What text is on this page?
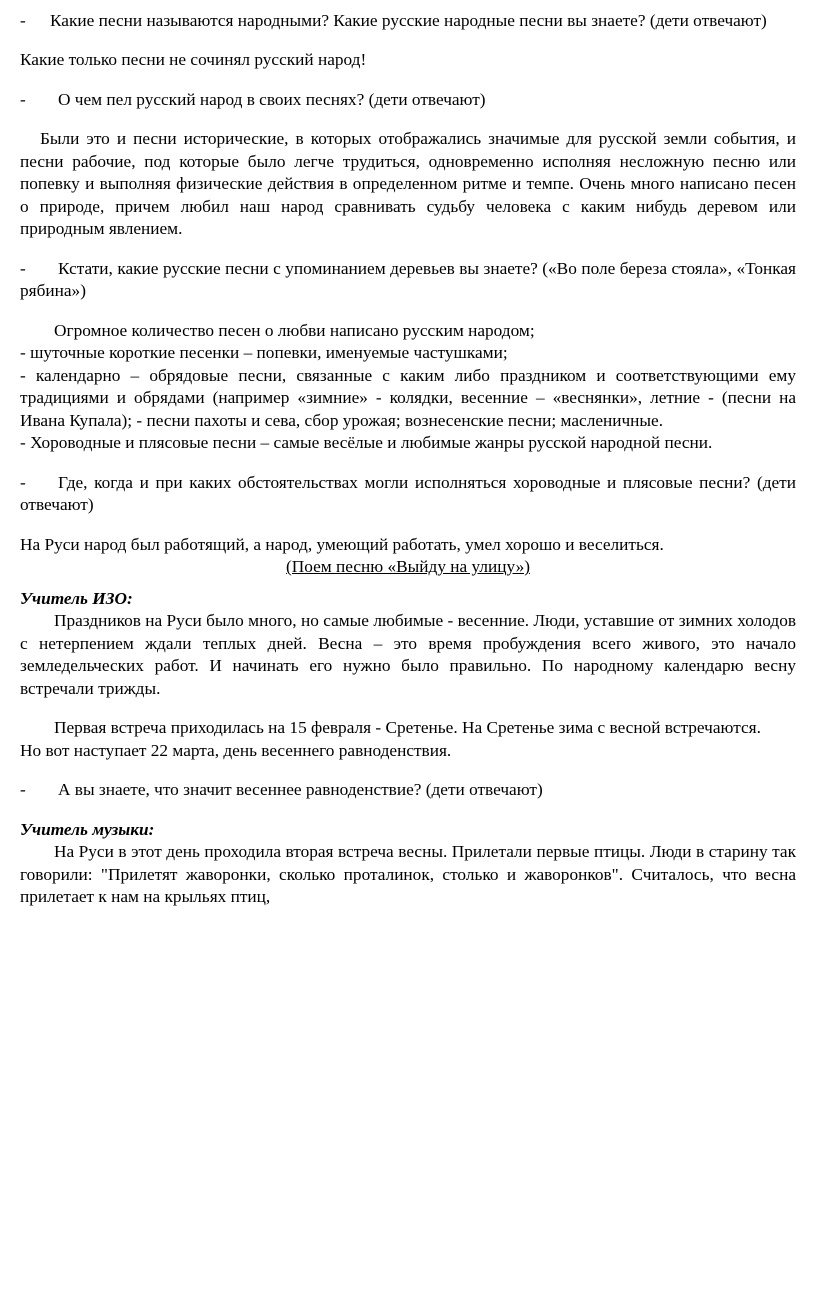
- Какие песни называются народными? Какие русские народные песни вы знаете? (дети отвечают)

Какие только песни не сочинял русский народ!

- О чем пел русский народ в своих песнях? (дети отвечают)

Были это и песни исторические, в которых отображались значимые для русской земли события, и песни рабочие, под которые было легче трудиться, одновременно исполняя несложную песню или попевку и выполняя физические действия в определенном ритме и темпе. Очень много написано песен о природе, причем любил наш народ сравнивать судьбу человека с каким нибудь деревом или природным явлением.

- Кстати, какие русские песни с упоминанием деревьев вы знаете? («Во поле береза стояла», «Тонкая рябина»)

Огромное количество песен о любви написано русским народом;

- шуточные короткие песенки – попевки, именуемые частушками;

- календарно – обрядовые песни, связанные с каким либо праздником и соответствующими ему традициями и обрядами (например «зимние» - колядки, весенние – «веснянки», летние - (песни на Ивана Купала); - песни пахоты и сева, сбор урожая; вознесенские песни; масленичные.

- Хороводные и плясовые песни – самые весёлые и любимые жанры русской народной песни.

- Где, когда и при каких обстоятельствах могли исполняться хороводные и плясовые песни? (дети отвечают)

На Руси народ был работящий, а народ, умеющий работать, умел хорошо и веселиться.

(Поем песню «Выйду на улицу»)

Учитель ИЗО:

Праздников на Руси было много, но самые любимые - весенние. Люди, уставшие от зимних холодов с нетерпением ждали теплых дней. Весна – это время пробуждения всего живого, это начало земледельческих работ. И начинать его нужно было правильно. По народному календарю весну встречали трижды.

Первая встреча приходилась на 15 февраля - Сретенье. На Сретенье зима с весной встречаются.

Но вот наступает 22 марта, день весеннего равноденствия.

- А вы знаете, что значит весеннее равноденствие? (дети отвечают)

Учитель музыки:

На Руси в этот день проходила вторая встреча весны. Прилетали первые птицы. Люди в старину так говорили: "Прилетят жаворонки, сколько проталинок, столько и жаворонков". Считалось, что весна прилетает к нам на крыльях птиц,
